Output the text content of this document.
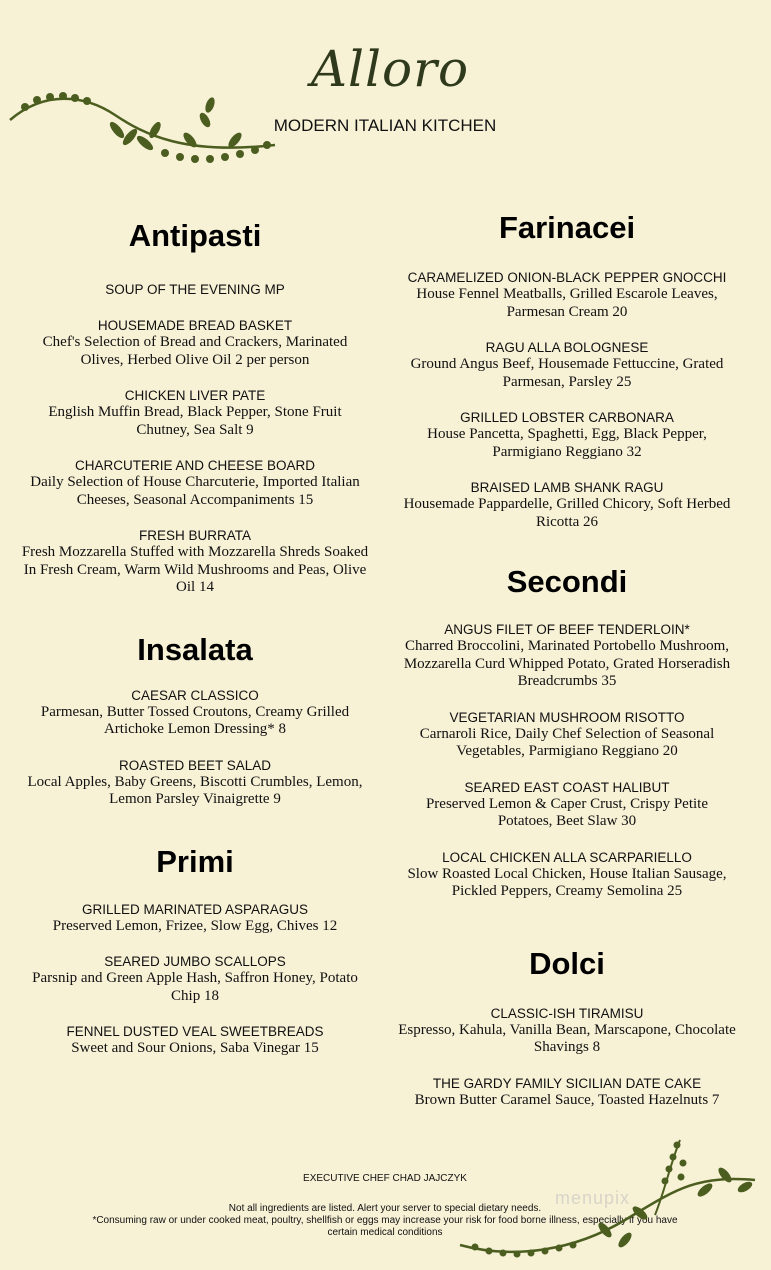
Alloro
MODERN ITALIAN KITCHEN
Antipasti
SOUP OF THE EVENING MP
HOUSEMADE BREAD BASKET
Chef's Selection of Bread and Crackers, Marinated Olives, Herbed Olive Oil 2 per person
CHICKEN LIVER PATE
English Muffin Bread, Black Pepper, Stone Fruit Chutney, Sea Salt 9
CHARCUTERIE AND CHEESE BOARD
Daily Selection of House Charcuterie, Imported Italian Cheeses, Seasonal Accompaniments 15
FRESH BURRATA
Fresh Mozzarella Stuffed with Mozzarella Shreds Soaked In Fresh Cream, Warm Wild Mushrooms and Peas, Olive Oil 14
Insalata
CAESAR CLASSICO
Parmesan, Butter Tossed Croutons, Creamy Grilled Artichoke Lemon Dressing* 8
ROASTED BEET SALAD
Local Apples, Baby Greens, Biscotti Crumbles, Lemon, Lemon Parsley Vinaigrette 9
Primi
GRILLED MARINATED ASPARAGUS
Preserved Lemon, Frizee, Slow Egg, Chives 12
SEARED JUMBO SCALLOPS
Parsnip and Green Apple Hash, Saffron Honey, Potato Chip 18
FENNEL DUSTED VEAL SWEETBREADS
Sweet and Sour Onions, Saba Vinegar 15
Farinacei
CARAMELIZED ONION-BLACK PEPPER GNOCCHI
House Fennel Meatballs, Grilled Escarole Leaves, Parmesan Cream 20
RAGU ALLA BOLOGNESE
Ground Angus Beef, Housemade Fettuccine, Grated Parmesan, Parsley 25
GRILLED LOBSTER CARBONARA
House Pancetta, Spaghetti, Egg, Black Pepper, Parmigiano Reggiano 32
BRAISED LAMB SHANK RAGU
Housemade Pappardelle, Grilled Chicory, Soft Herbed Ricotta 26
Secondi
ANGUS FILET OF BEEF TENDERLOIN*
Charred Broccolini, Marinated Portobello Mushroom, Mozzarella Curd Whipped Potato, Grated Horseradish Breadcrumbs 35
VEGETARIAN MUSHROOM RISOTTO
Carnaroli Rice, Daily Chef Selection of Seasonal Vegetables, Parmigiano Reggiano 20
SEARED EAST COAST HALIBUT
Preserved Lemon & Caper Crust, Crispy Petite Potatoes, Beet Slaw 30
LOCAL CHICKEN ALLA SCARPARIELLO
Slow Roasted Local Chicken, House Italian Sausage, Pickled Peppers, Creamy Semolina 25
Dolci
CLASSIC-ISH TIRAMISU
Espresso, Kahula, Vanilla Bean, Marscapone, Chocolate Shavings 8
THE GARDY FAMILY SICILIAN DATE CAKE
Brown Butter Caramel Sauce, Toasted Hazelnuts 7
EXECUTIVE CHEF CHAD JAJCZYK
Not all ingredients are listed. Alert your server to special dietary needs.
*Consuming raw or under cooked meat, poultry, shellfish or eggs may increase your risk for food borne illness, especially if you have
certain medical conditions
menupix
